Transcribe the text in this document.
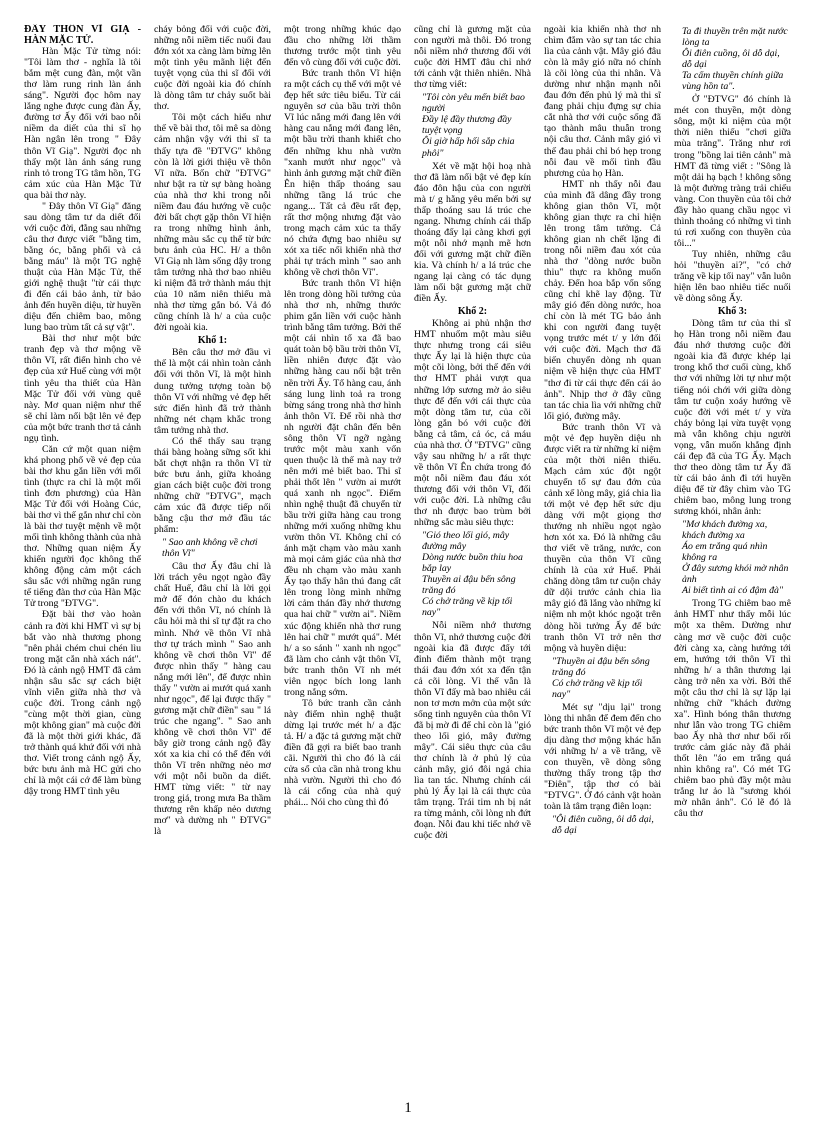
ĐÂY THÔN VĨ GIẠ - HÀN MẶC TỬ.

Hàn Mặc Tử từng nói: "Tôi làm thơ - nghĩa là tôi bắm mệt cung đàn, một vần thơ làm rung rinh làn ánh sáng". Người đọc hôm nay lắng nghe được cung đàn Ấy, đường tơ Ấy đối với bao nỗi niềm da diết của thi sĩ họ Hàn ngân lên trong " Đây thôn Vĩ Giạ". Người đọc nh thấy một làn ánh sáng rung rinh tỏ trong TG tâm hồn, TG cảm xúc của Hàn Mặc Tử qua bài thơ này.

" Đây thôn Vĩ Giạ" đăng sau dòng tâm tư da diết đối với cuộc đời, đằng sau những câu thơ được viết "bằng tim, bằng óc, bằng phổi và cả bằng máu" là một TG nghệ thuật của Hàn Mặc Tử, thế giới nghệ thuật "từ cái thực đi đến cái bảo ảnh, từ bảo ảnh đến huyền diệu, từ huyền diệu đến chiêm bao, mông lung bao trùm tất cả sự vật".

Bài thơ như một bức tranh đẹp và thơ mộng về thôn Vĩ, rất điển hình cho vẻ đẹp của xứ Huế cùng với một tình yêu tha thiết của Hàn Mặc Tử đối với vùng quê này. Mơ quan niệm như thế sẽ chỉ làm nổi bật lên vẻ đẹp của một bức tranh thơ tả cảnh ngụ tình.

Căn cứ một quan niệm khá phong phổ về vẻ đẹp của bài thơ khu gắn liền với mối tình (thực ra chỉ là một mối tình đơn phương) của Hàn Mặc Tử đối với Hoàng Cúc, bài thơ vì thế gắn như chỉ còn là bài thơ tuyệt mệnh về một mối tình không thành của nhà thơ. Những quan niệm Ấy khiến người đọc không thể không động cảm một cách sâu sắc với những ngân rung tế tiếng đàn thơ của Hàn Mặc Tử trong "ĐTVG".

Đặt bài thơ vào hoàn cảnh ra đời khi HMT vì sự bị bắt vào nhà thương phong "nên phải chém chui chén lìu trong mặt cắn nhà xách nát". Đó là cảnh ngộ HMT đã cảm nhận sâu sắc sự cách biệt vĩnh viễn giữa nhà thơ và cuộc đời. Trong cảnh ngộ "cùng một thời gian, cùng một không gian" mà cuộc đời đã là một thời giới khác, đã trở thành quá khứ đối với nhà thơ. Viết trong cảnh ngộ Ấy, bức bưu ảnh mà HC gửi cho chỉ là một cái cớ để làm bùng dậy trong HMT tình yêu

cháy bỏng đối với cuộc đời, những nỗi niềm tiếc nuối đau đớn xót xa càng làm bừng lên một tình yêu mãnh liệt đến tuyệt vọng của thi sĩ đối với cuộc đời ngoài kia đó chính là dòng tâm tư chảy suốt bài thơ.

Tôi một cách hiểu như thế về bài thơ, tôi mê sa dòng cảm nhận vậy với thi sĩ ta thấy tựa đề "ĐTVG" không còn là lời giới thiệu về thôn Vĩ nữa. Bốn chữ "ĐTVG" như bật ra từ sự bàng hoàng của nhà thơ khi trong nỗi niềm đau đáu hướng về cuộc đời bất chợt gặp thôn Vĩ hiện ra trong những hình ảnh, những màu sắc cụ thể từ bức bưu ảnh của HC. H/ a thôn Vĩ Giạ nh làm sống dậy trong tâm tưởng nhà thơ bao nhiêu kỉ niệm đã trở thành máu thịt của 10 năm niên thiếu mà nhà thơ từng gắn bó. Vả đó cũng chính là h/ a của cuộc đời ngoài kia.

Khổ 1:

Bên câu thơ mở đầu vì thế là một cái nhìn toàn cảnh đối với thôn Vĩ, là một hình dung tưởng tượng toàn bộ thôn Vĩ với những vẻ đẹp hết sức điển hình đã trở thành những nét chạm khắc trong tâm tưởng nhà thơ.

Có thể thấy sau trạng thái bàng hoàng sững sốt khi bắt chợt nhận ra thôn Vĩ từ bức bưu ảnh, giữa khoảng gian cách biệt cuộc đời trong những chữ "ĐTVG", mạch cảm xúc đã được tiếp nối bằng cậu thơ mở đầu tác phẩm:

" Sao anh không về chơi thôn Vĩ"

Câu thơ Ấy đâu chỉ là lời trách yêu ngọt ngào đầy chất Huế, đâu chỉ là lời gọi mở để đón chào du khách đến với thôn Vĩ, nó chính là câu hỏi mà thi sĩ tự đặt ra cho mình. Nhớ về thôn Vĩ nhà thơ tự trách mình " Sao anh không về chơi thôn Vĩ" để được nhìn thấy " hàng cau nắng mới lên", để được nhìn thấy " vườn ai mướt quá xanh như ngọc", để lại được thấy " gương mặt chữ điền" sau " lá trúc che ngang". " Sao anh không về chơi thôn Vĩ" để bây giờ trong cảnh ngộ đầy xót xa kia chỉ có thể đến với thôn Vĩ trên những nẻo mơ với một nỗi buồn da diết. HMT từng viết: " từ nay trong giá, trong mưa Ba thầm thương rên khấp nẻo dương mơ" và dường nh " ĐTVG" là

một trong những khúc dạo đầu cho những lời thầm thương trước một tình yêu đến vô cùng đối với cuộc đời.

Bức tranh thôn Vĩ hiện ra một cách cụ thể với một vẻ đẹp hết sức tiêu biểu. Từ cái nguyên sơ của bầu trời thôn Vĩ lúc nắng mới đang lên với hàng cau nắng mới đang lên, một bầu trời thanh khiết cho đến những khu nhà vườn "xanh mướt như ngọc" và hình ảnh gương mặt chữ điền Ên hiện thấp thoáng sau những tầng lá trúc che ngang... Tất cả đều rất đẹp, rất thơ mộng nhưng đặt vào trong mạch cảm xúc ta thấy nó chứa đựng bao nhiêu sự xót xa tiếc nối khiến nhà thơ phải tự trách mình " sao anh không về chơi thôn Vĩ".

Bức tranh thôn Vĩ hiện lên trong dòng hồi tưởng của nhà thơ nh, những thước phim gắn liền với cuộc hành trình bằng tâm tưởng. Bởi thế một cái nhìn tổ xa đã bao quát toàn bộ bầu trời thôn Vĩ, liền nhiên được đặt vào những hàng cau nổi bật trên nền trời Ấy. Tổ hàng cau, ánh sáng lung linh toả ra trong bừng sáng trong nhà thơ hình ảnh thôn Vĩ. Để rồi nhà thơ nh người đặt chân đến bên sông thôn Vĩ ngỡ ngàng trước một màu xanh vốn quen thuộc là thế mà nay trở nên mới mẻ biết bao. Thi sĩ phải thốt lên " vườn ai mướt quá xanh nh ngọc". Điểm nhìn nghệ thuật đã chuyển từ bầu trời giữa hàng cau trong những mới xuống những khu vườn thôn Vĩ. Không chỉ có ánh mặt chạm vào màu xanh mà mọi cảm giác của nhà thơ đều nh chạm vào màu xanh Ấy tạo thấy hân thú đang cất lên trong lòng mình những lời cảm thán đầy nhớ thương qua hai chữ " vườn ai". Niềm xúc động khiến nhà thơ rung lên hai chữ " mướt quá". Mét h/ a so sánh " xanh nh ngọc" đã làm cho cảnh vật thôn Vĩ, bức tranh thôn Vĩ nh mét viên ngọc bích long lanh trong nắng sớm.

Tô bức tranh cần cảnh này điểm nhìn nghệ thuật dừng lại trước mét h/ a đặc tả. H/ a đặc tả gương mặt chữ điền đã gợi ra biết bao tranh cãi. Người thì cho đó là cái cửa sổ của cần nhà trong khu nhà vườn. Người thì cho đó là cái cổng của nhà quý phái... Nói cho cùng thì đó

cũng chỉ là gương mặt của con người mà thôi. Đó trong nỗi niềm nhớ thương đối với cuộc đời HMT đâu chỉ nhớ tới cảnh vật thiên nhiên. Nhà thơ từng viết:

"Tôi còn yêu mến biết bao người
Đầy lệ đầy thương đầy tuyệt vọng
Ôi giờ hấp hối sắp chia phôi"

Xét về mặt hội hoạ nhà thơ đã làm nổi bật vẻ đẹp kín đáo đôn hậu của con người mà t/ g hằng yêu mến bởi sự thấp thoáng sau lá trúc che ngang. Nhưng chính cái thấp thoáng đấy lại càng khơi gợi một nỗi nhớ mạnh mẽ hơn đối với gương mặt chữ điền kia. Và chính h/ a lá trúc che ngang lại càng có tác dụng làm nổi bật gương mặt chữ điền Ấy.

Khổ 2:

Không ai phủ nhận thơ HMT nhuốm một màu siêu thực nhưng trong cái siêu thực Ấy lại là hiện thực của một cõi lòng, bởi thế đến với thơ HMT phải vượt qua những lớp sương mờ ảo siêu thực để đến với cái thực của một dòng tâm tư, của cõi lòng gắn bó với cuộc đời bằng cả tâm, cả óc, cả máu của nhà thơ. Ở "ĐTVG" cũng vậy sau những h/ a rất thực về thôn Vĩ Ên chứa trong đó một nỗi niềm đau đáu xót thương đối với thôn Vĩ, đối với cuộc đời. Là những câu thơ nh được bao trùm bởi những sắc màu siêu thực:

"Gió theo lối gió, mây đường mây
Dòng nước buồn thiu hoa bắp lay
Thuyền ai đậu bến sông trăng đó
Có chở trăng về kịp tối nay"

Nỗi niềm nhớ thương thôn Vĩ, nhớ thương cuộc đời ngoài kia đã được đẩy tới đỉnh điểm thành một trạng thái đau đớn xót xa đến tận cả cõi lòng. Vì thế vẫn là thôn Vĩ đấy mà bao nhiêu cái non tơ mơn mởn của một sức sống tinh nguyên của thôn Vĩ đã bị mờ đi để chỉ còn là "gió theo lối gió, mây đường mây". Cái siêu thực của câu thơ chính là ở phủ lý của cảnh mây, gió đôi ngả chia lìa tan tác. Nhưng chính cái phủ lý Ấy lại là cái thực của tâm trạng. Trái tim nh bị nát ra từng mảnh, cõi lòng nh đứt đoạn. Nỗi đau khi tiếc nhớ về cuộc đời

ngoài kia khiến nhà thơ nh chìm đắm vào sự tan tác chia lìa của cảnh vật. Mây gió đâu còn là mây gió nữa nó chính là cõi lòng của thi nhân. Và dường như nhận mạnh nỗi đau đớn đến phủ lý mà thi sĩ đang phải chịu đựng sự chia cắt nhà thơ với cuộc sống đã tạo thành mâu thuẫn trong nội câu thơ. Cảnh mây gió vì thế đau phải chỉ bó hẹp trong nỗi đau về mối tình đầu phương của họ Hàn.

HMT nh thấy nỗi đau của mình đã dâng đầy trong không gian thôn Vĩ, một không gian thực ra chỉ hiện lên trong tâm tưởng. Cả không gian nh chết lặng đi trong nỗi niềm đau xót của nhà thơ "dòng nước buồn thiu" thực ra không muốn chảy. Đến hoa bắp vốn sống cũng chỉ khẽ lay động. Từ mây gió đến dòng nước, hoa chỉ còn là mét TG bảo ảnh khi con người đang tuyệt vọng trước mét t/ y lớn đối với cuộc đời. Mạch thơ đã biến chuyển dòng nh quan niệm về hiện thực của HMT "thơ đi từ cái thực đến cái ảo ảnh". Nhịp thơ ở đây cũng tan tác chia lìa với những chữ lối gió, đường mây.

Bức tranh thôn Vĩ và một vẻ đẹp huyền diệu nh được viết ra từ những kỉ niệm của một thời niên thiếu. Mạch cảm xúc đột ngột chuyển tố sự đau đớn của cảnh xế lòng mây, giá chia lìa tới một vẻ đẹp hết sức dịu dàng với một giọng thơ thướng nh nhiều ngọt ngào hơn xót xa. Đó là những câu thơ viết về trăng, nước, con thuyền của thôn Vĩ cũng chính là của xứ Huế. Phải chăng dòng tâm tư cuộn chảy dữ dội trước cảnh chia lìa mây gió đã lắng vào những kỉ niệm nh một khóc ngoặt trên dòng hồi tưởng Ấy để bức tranh thôn Vĩ trở nên thơ mộng và huyền diệu:

"Thuyền ai đậu bến sông trăng đó
Có chở trăng về kịp tối nay"

Mét sự "dịu lại" trong lòng thi nhân để đem đến cho bức tranh thôn Vĩ một vẻ đẹp dịu dàng thơ mộng khác hẳn với những h/ a về trăng, về con thuyền, về dòng sông thường thấy trong tập thơ "Điên", tập thơ có bài "ĐTVG". Ở đó cảnh vật hoàn toàn là tâm trạng điên loạn:

"Ôi điên cuồng, ôi dỗ dại, dỗ dại
Ta đi thuyền trên mặt nước lòng ta
Ôi điên cuồng, ôi dỗ dại, dỗ dại
Ta cấm thuyền chính giữa vùng hồn ta".

Ở "ĐTVG" đó chính là mét con thuyền, một dòng sông, một kỉ niệm của một thời niên thiếu "chơi giữa mùa trăng". Trăng như rơi trong "bồng lai tiên cảnh" mà HMT đã từng viết : "Sông là một dải hạ bạch ! không sông là một đường tràng trải chiếu vàng. Con thuyền của tôi chở đầy hào quang chầu ngọc vì thình thoảng có những vì tinh tú rơi xuống con thuyền của tôi..."

Tuy nhiên, những câu hỏi "thuyền ai?", "có chở trăng về kịp tối nay" vẫn luôn hiện lên bao nhiêu tiếc nuối về dòng sông Ấy.

Khổ 3:

Dòng tâm tư của thi sĩ họ Hàn trong nỗi niềm đau đáu nhớ thương cuộc đời ngoài kia đã được khép lại trong khổ thơ cuối cùng, khổ thơ với những lời tự như một tiếng nói chới với giữa dòng tâm tư cuộn xoáy hướng về cuộc đời với mét t/ y vừa cháy bỏng lại vừa tuyệt vọng mà vẫn không chịu người vọng, vẫn muốn khẳng định cái đẹp đã của TG Ấy. Mạch thơ theo dòng tâm tư Ấy đã từ cái bảo ảnh đi tới huyền diệu để từ đây chìm vào TG chiêm bao, mông lung trong sương khói, nhân ảnh:

"Mơ khách đường xa, khách đường xa
Áo em trắng quá nhìn không ra
Ở đây sương khói mờ nhân ảnh
Ai biết tình ai có đậm đà"

Trong TG chiêm bao mê ảnh HMT như thấy mỗi lúc một xa thêm. Dường như càng mơ về cuộc đời cuộc đời càng xa, càng hướng tới em, hướng tới thôn Vĩ thì những h/ a thân thương lại càng trở nên xa vời. Bởi thế một câu thơ chỉ là sự lặp lại những chữ "khách đường xa". Hình bóng thân thương như lẫn vào trong TG chiêm bao Ấy nhà thơ như bối rối trước cảm giác này đã phải thốt lên "áo em trắng quá nhìn không ra". Có mét TG chiêm bao phủ đầy một màu trắng lư ảo là "sương khói mờ nhân ảnh". Có lẽ đó là câu thơ

1
